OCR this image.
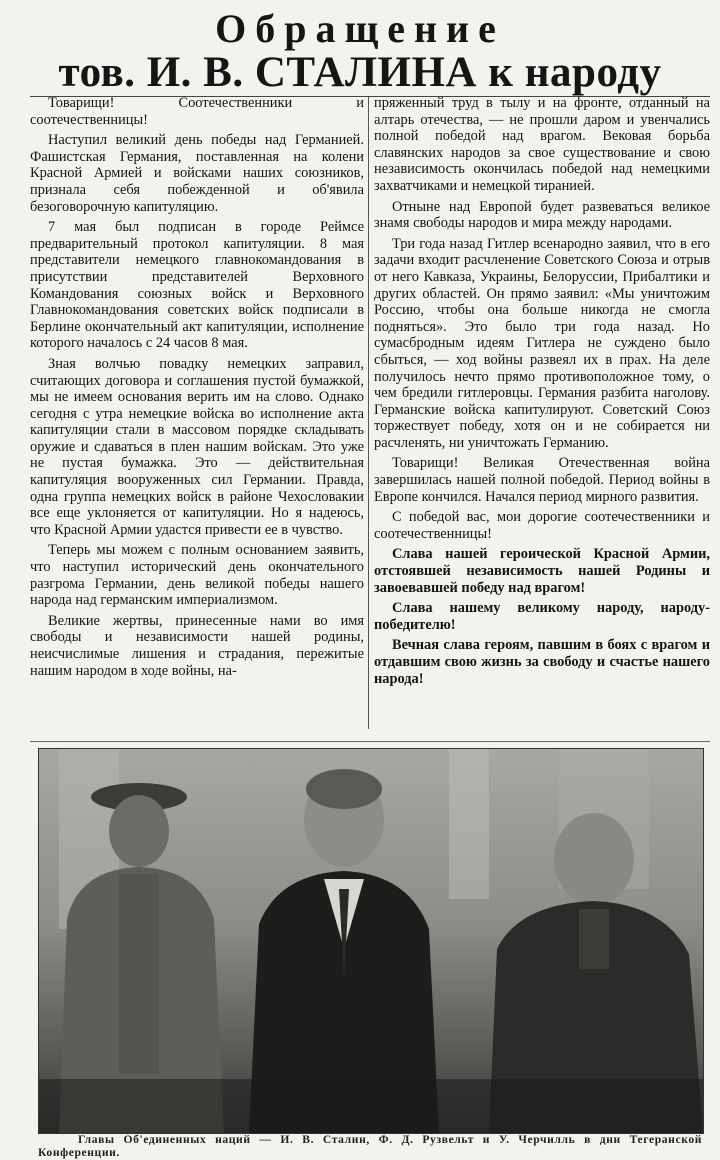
Обращение
тов. И. В. СТАЛИНА к народу

Товарищи! Соотечественники и соотечественницы!

Наступил великий день победы над Германией. Фашистская Германия, поставленная на колени Красной Армией и войсками наших союзников, признала себя побежденной и об'явила безоговорочную капитуляцию.

7 мая был подписан в городе Реймсе предварительный протокол капитуляции. 8 мая представители немецкого главнокомандования в присутствии представителей Верховного Командования союзных войск и Верховного Главнокомандования советских войск подписали в Берлине окончательный акт капитуляции, исполнение которого началось с 24 часов 8 мая.

Зная волчью повадку немецких заправил, считающих договора и соглашения пустой бумажкой, мы не имеем основания верить им на слово. Однако сегодня с утра немецкие войска во исполнение акта капитуляции стали в массовом порядке складывать оружие и сдаваться в плен нашим войскам. Это уже не пустая бумажка. Это — действительная капитуляция вооруженных сил Германии. Правда, одна группа немецких войск в районе Чехословакии все еще уклоняется от капитуляции. Но я надеюсь, что Красной Армии удастся привести ее в чувство.

Теперь мы можем с полным основанием заявить, что наступил исторический день окончательного разгрома Германии, день великой победы нашего народа над германским империализмом.

Великие жертвы, принесенные нами во имя свободы и независимости нашей родины, неисчислимые лишения и страдания, пережитые нашим народом в ходе войны, на-

пряженный труд в тылу и на фронте, отданный на алтарь отечества, — не прошли даром и увенчались полной победой над врагом. Вековая борьба славянских народов за свое существование и свою независимость окончилась победой над немецкими захватчиками и немецкой тиранией.

Отныне над Европой будет развеваться великое знамя свободы народов и мира между народами.

Три года назад Гитлер всенародно заявил, что в его задачи входит расчленение Советского Союза и отрыв от него Кавказа, Украины, Белоруссии, Прибалтики и других областей. Он прямо заявил: «Мы уничтожим Россию, чтобы она больше никогда не смогла подняться». Это было три года назад. Но сумасбродным идеям Гитлера не суждено было сбыться, — ход войны развеял их в прах. На деле получилось нечто прямо противоположное тому, о чем бредили гитлеровцы. Германия разбита наголову. Германские войска капитулируют. Советский Союз торжествует победу, хотя он и не собирается ни расчленять, ни уничтожать Германию.

Товарищи! Великая Отечественная война завершилась нашей полной победой. Период войны в Европе кончился. Начался период мирного развития.

С победой вас, мои дорогие соотечественники и соотечественницы!

Слава нашей героической Красной Армии, отстоявшей независимость нашей Родины и завоевавшей победу над врагом!

Слава нашему великому народу, народу-победителю!

Вечная слава героям, павшим в боях с врагом и отдавшим свою жизнь за свободу и счастье нашего народа!

Главы Об'единенных наций — И. В. Сталин, Ф. Д. Рузвельт и У. Черчилль в дни Тегеранской Конференции.
